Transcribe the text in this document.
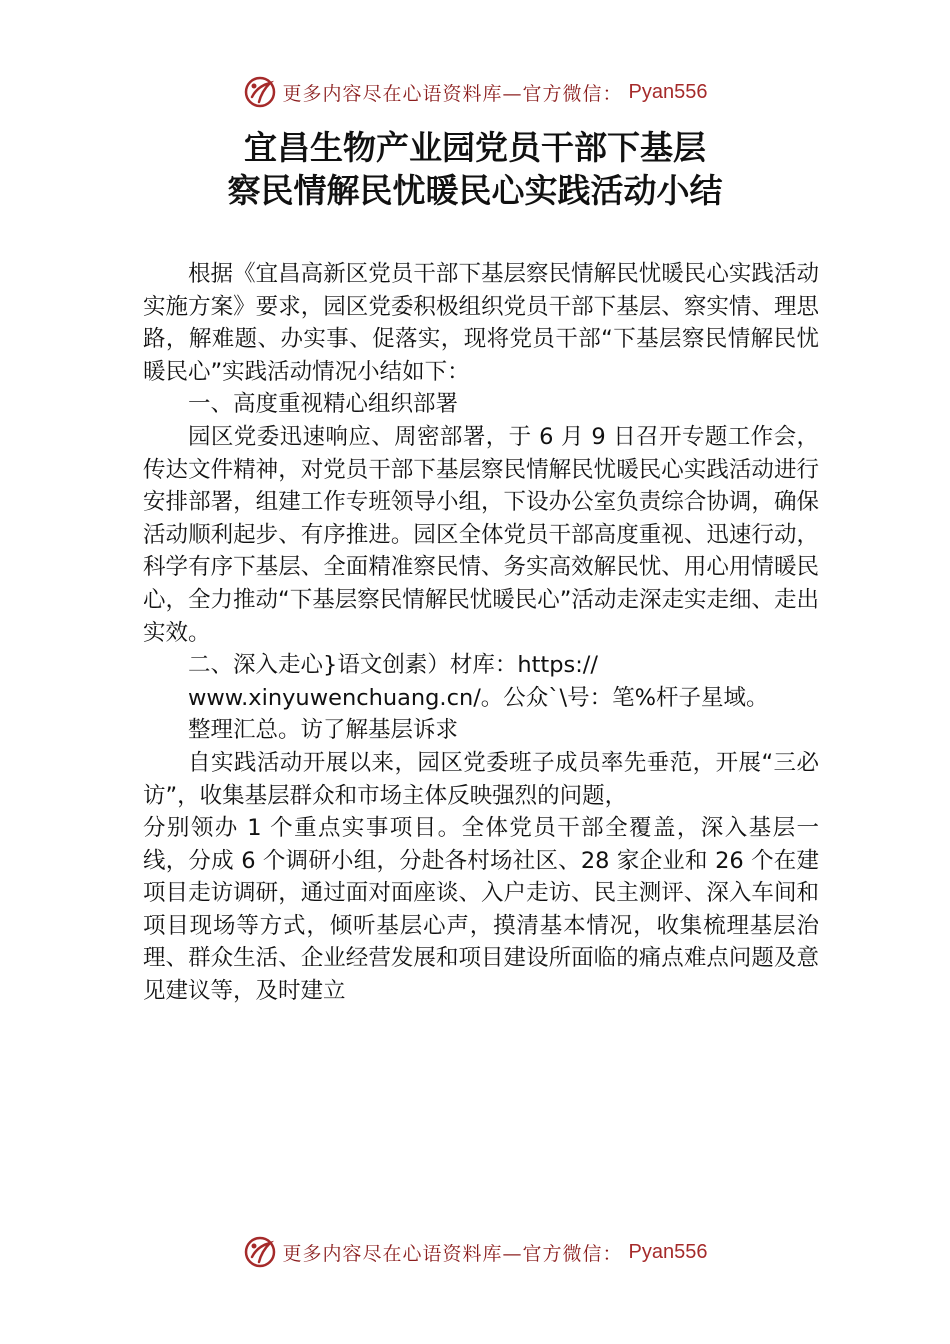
更多内容尽在心语资料库—官方微信： Pyan556
宜昌生物产业园党员干部下基层
察民情解民忧暖民心实践活动小结

根据《宜昌高新区党员干部下基层察民情解民忧暖民心实践活动实施方案》要求，园区党委积极组织党员干部下基层、察实情、理思路，解难题、办实事、促落实，现将党员干部“下基层察民情解民忧暖民心”实践活动情况小结如下：

一、高度重视精心组织部署

园区党委迅速响应、周密部署，于 6 月 9 日召开专题工作会，传达文件精神，对党员干部下基层察民情解民忧暖民心实践活动进行安排部署，组建工作专班领导小组，下设办公室负责综合协调，确保活动顺利起步、有序推进。园区全体党员干部高度重视、迅速行动，科学有序下基层、全面精准察民情、务实高效解民忧、用心用情暖民心，全力推动“下基层察民情解民忧暖民心”活动走深走实走细、走出实效。

二、深入走心}语文创素）材库：https://

www.xinyuwenchuang.cn/。公众`\号：笔%杆子星域。

整理汇总。访了解基层诉求

自实践活动开展以来，园区党委班子成员率先垂范，开展“三必访”，收集基层群众和市场主体反映强烈的问题，

分别领办 1 个重点实事项目。全体党员干部全覆盖，深入基层一线，分成 6 个调研小组，分赴各村场社区、28 家企业和 26 个在建项目走访调研，通过面对面座谈、入户走访、民主测评、深入车间和项目现场等方式，倾听基层心声，摸清基本情况，收集梳理基层治理、群众生活、企业经营发展和项目建设所面临的痛点难点问题及意见建议等，及时建立

更多内容尽在心语资料库—官方微信： Pyan556
